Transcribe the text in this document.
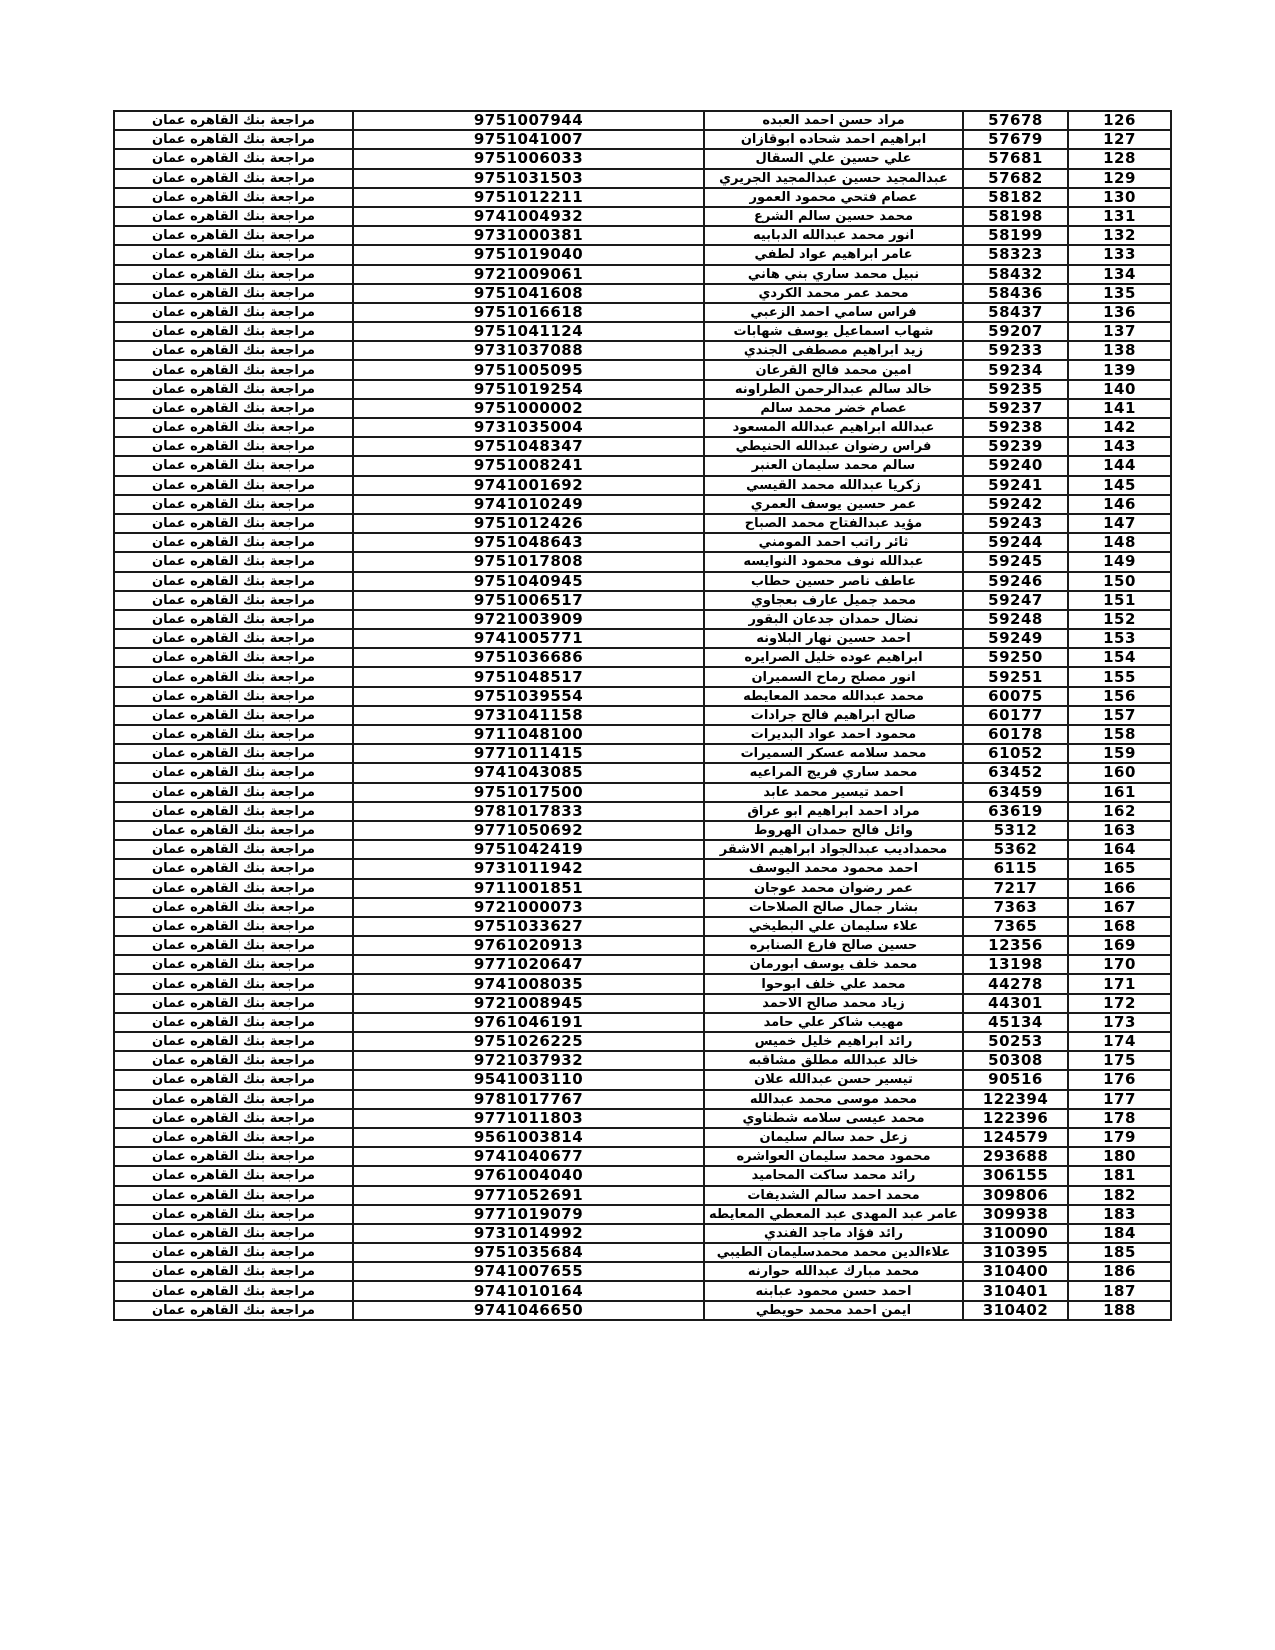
126	57678	مراد حسن احمد العبده	9751007944	مراجعة بنك القاهره عمان
127	57679	ابراهيم احمد شحاده ابوقازان	9751041007	مراجعة بنك القاهره عمان
128	57681	علي حسين علي السقال	9751006033	مراجعة بنك القاهره عمان
129	57682	عبدالمجيد حسين عبدالمجيد الجريري	9751031503	مراجعة بنك القاهره عمان
130	58182	عصام فتحي محمود العمور	9751012211	مراجعة بنك القاهره عمان
131	58198	محمد حسين سالم الشرع	9741004932	مراجعة بنك القاهره عمان
132	58199	انور محمد عبدالله الدبابيه	9731000381	مراجعة بنك القاهره عمان
133	58323	عامر ابراهيم عواد لطفي	9751019040	مراجعة بنك القاهره عمان
134	58432	نبيل محمد ساري بني هاني	9721009061	مراجعة بنك القاهره عمان
135	58436	محمد عمر محمد الكردي	9751041608	مراجعة بنك القاهره عمان
136	58437	فراس سامي احمد الزعبي	9751016618	مراجعة بنك القاهره عمان
137	59207	شهاب اسماعيل يوسف شهابات	9751041124	مراجعة بنك القاهره عمان
138	59233	زيد ابراهيم مصطفى الجندي	9731037088	مراجعة بنك القاهره عمان
139	59234	امين محمد فالح القرعان	9751005095	مراجعة بنك القاهره عمان
140	59235	خالد سالم عبدالرحمن الطراونه	9751019254	مراجعة بنك القاهره عمان
141	59237	عصام خضر محمد سالم	9751000002	مراجعة بنك القاهره عمان
142	59238	عبدالله ابراهيم عبدالله المسعود	9731035004	مراجعة بنك القاهره عمان
143	59239	فراس رضوان عبدالله الحنيطي	9751048347	مراجعة بنك القاهره عمان
144	59240	سالم محمد سليمان العنبر	9751008241	مراجعة بنك القاهره عمان
145	59241	زكريا عبدالله محمد القيسي	9741001692	مراجعة بنك القاهره عمان
146	59242	عمر حسين يوسف العمري	9741010249	مراجعة بنك القاهره عمان
147	59243	مؤيد عبدالفتاح محمد الصباح	9751012426	مراجعة بنك القاهره عمان
148	59244	ثائر راتب احمد المومني	9751048643	مراجعة بنك القاهره عمان
149	59245	عبدالله نوف محمود النوايسه	9751017808	مراجعة بنك القاهره عمان
150	59246	عاطف ناصر حسين حطاب	9751040945	مراجعة بنك القاهره عمان
151	59247	محمد جميل عارف بعجاوي	9751006517	مراجعة بنك القاهره عمان
152	59248	نضال حمدان جدعان البقور	9721003909	مراجعة بنك القاهره عمان
153	59249	احمد حسين نهار البلاونه	9741005771	مراجعة بنك القاهره عمان
154	59250	ابراهيم عوده خليل الصرايره	9751036686	مراجعة بنك القاهره عمان
155	59251	انور مصلح رماح السميران	9751048517	مراجعة بنك القاهره عمان
156	60075	محمد عبدالله محمد المعايطه	9751039554	مراجعة بنك القاهره عمان
157	60177	صالح ابراهيم فالح جرادات	9731041158	مراجعة بنك القاهره عمان
158	60178	محمود احمد عواد البديرات	9711048100	مراجعة بنك القاهره عمان
159	61052	محمد سلامه عسكر السميرات	9771011415	مراجعة بنك القاهره عمان
160	63452	محمد ساري فريج المراعيه	9741043085	مراجعة بنك القاهره عمان
161	63459	احمد تيسير محمد عابد	9751017500	مراجعة بنك القاهره عمان
162	63619	مراد احمد ابراهيم ابو عراق	9781017833	مراجعة بنك القاهره عمان
163	5312	وائل فالح حمدان الهروط	9771050692	مراجعة بنك القاهره عمان
164	5362	محمداديب عبدالجواد ابراهيم الاشقر	9751042419	مراجعة بنك القاهره عمان
165	6115	احمد محمود محمد اليوسف	9731011942	مراجعة بنك القاهره عمان
166	7217	عمر رضوان محمد عوجان	9711001851	مراجعة بنك القاهره عمان
167	7363	بشار جمال صالح الصلاحات	9721000073	مراجعة بنك القاهره عمان
168	7365	علاء سليمان علي البطيخي	9751033627	مراجعة بنك القاهره عمان
169	12356	حسين صالح فارع الصنابره	9761020913	مراجعة بنك القاهره عمان
170	13198	محمد خلف يوسف ابورمان	9771020647	مراجعة بنك القاهره عمان
171	44278	محمد علي خلف ابوحوا	9741008035	مراجعة بنك القاهره عمان
172	44301	زياد محمد صالح الاحمد	9721008945	مراجعة بنك القاهره عمان
173	45134	مهيب شاكر علي حامد	9761046191	مراجعة بنك القاهره عمان
174	50253	رائد ابراهيم خليل خميس	9751026225	مراجعة بنك القاهره عمان
175	50308	خالد عبدالله مطلق مشاقبه	9721037932	مراجعة بنك القاهره عمان
176	90516	تيسير حسن عبدالله علان	9541003110	مراجعة بنك القاهره عمان
177	122394	محمد موسى محمد عبدالله	9781017767	مراجعة بنك القاهره عمان
178	122396	محمد عيسى سلامه شطناوي	9771011803	مراجعة بنك القاهره عمان
179	124579	زعل حمد سالم سليمان	9561003814	مراجعة بنك القاهره عمان
180	293688	محمود محمد سليمان العواشره	9741040677	مراجعة بنك القاهره عمان
181	306155	رائد محمد ساكت المحاميد	9761004040	مراجعة بنك القاهره عمان
182	309806	محمد احمد سالم الشديفات	9771052691	مراجعة بنك القاهره عمان
183	309938	عامر عبد المهدى عبد المعطي المعايطه	9771019079	مراجعة بنك القاهره عمان
184	310090	رائد فؤاد ماجد الفندي	9731014992	مراجعة بنك القاهره عمان
185	310395	علاءالدين محمد محمدسليمان الطيبي	9751035684	مراجعة بنك القاهره عمان
186	310400	محمد مبارك عبدالله حوارنه	9741007655	مراجعة بنك القاهره عمان
187	310401	احمد حسن محمود عبابنه	9741010164	مراجعة بنك القاهره عمان
188	310402	ايمن احمد محمد حويطي	9741046650	مراجعة بنك القاهره عمان
